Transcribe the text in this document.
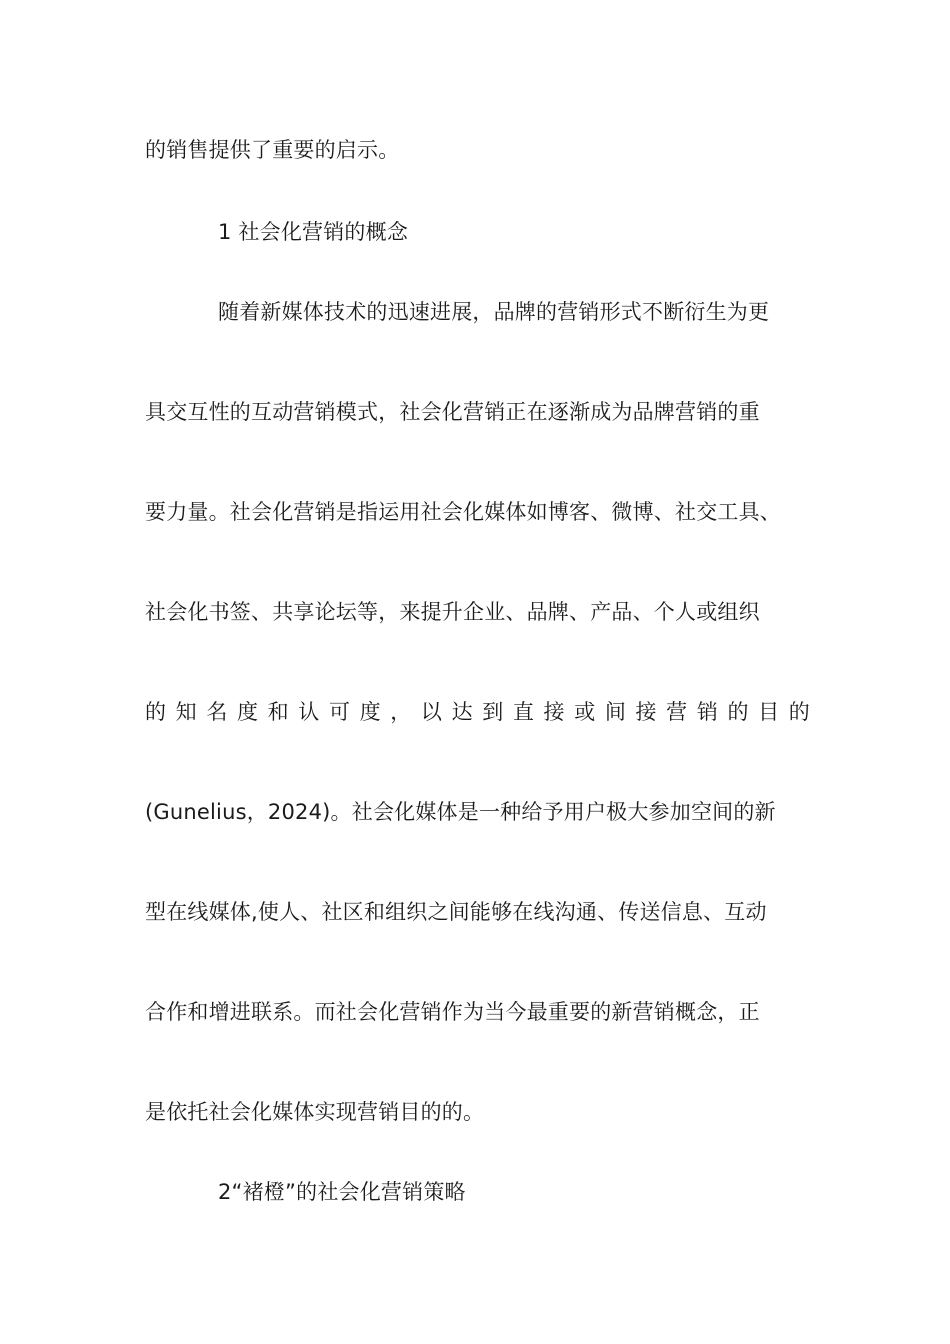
的销售提供了重要的启示。
1 社会化营销的概念
随着新媒体技术的迅速进展，品牌的营销形式不断衍生为更
具交互性的互动营销模式，社会化营销正在逐渐成为品牌营销的重
要力量。社会化营销是指运用社会化媒体如博客、微博、社交工具、
社会化书签、共享论坛等，来提升企业、品牌、产品、个人或组织
的 知 名 度 和 认 可 度 ， 以 达 到 直 接 或 间 接 营 销 的 目 的
(Gunelius，2024)。社会化媒体是一种给予用户极大参加空间的新
型在线媒体,使人、社区和组织之间能够在线沟通、传送信息、互动
合作和增进联系。而社会化营销作为当今最重要的新营销概念，正
是依托社会化媒体实现营销目的的。
2“褚橙”的社会化营销策略
